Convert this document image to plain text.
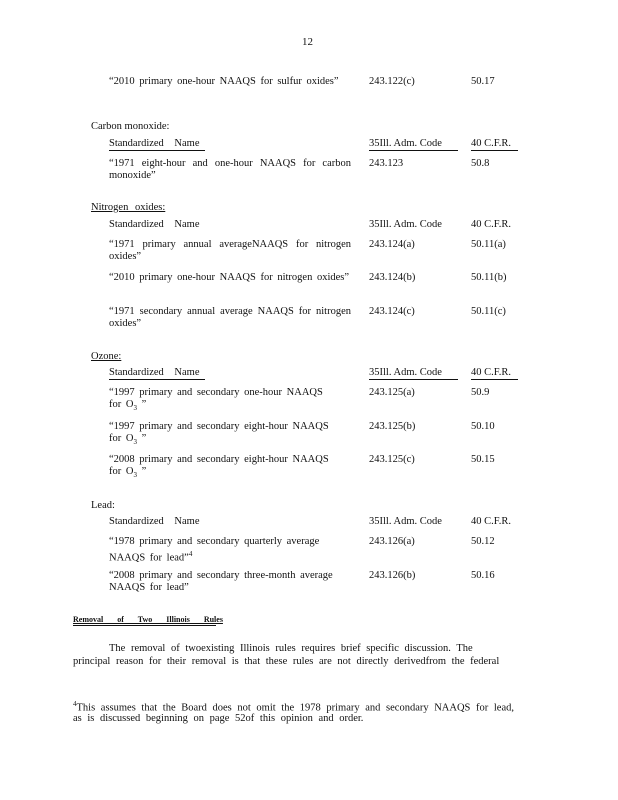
12
“2010 primary one-hour NAAQS for sulfur oxides”	243.122(c)	50.17
Carbon monoxide:
Standardized Name	35Ill. Adm. Code	40 C.F.R.
“1971 eight-hour and one-hour NAAQS for carbon monoxide”
243.123	50.8
Nitrogen oxides:
Standardized Name	35Ill. Adm. Code	40 C.F.R.
“1971 primary annual averageNAAQS for nitrogen oxides”
243.124(a)	50.11(a)
“2010 primary one-hour NAAQS for nitrogen oxides” 243.124(b)	50.11(b)
“1971 secondary annual average NAAQS for nitrogen oxides”
243.124(c)	50.11(c)
Ozone:
Standardized Name	35Ill. Adm. Code	40 C.F.R.
“1997 primary and secondary one-hour NAAQS
for $O_3$ ”
243.125(a)	50.9
“1997 primary and secondary eight-hour NAAQS
for $O_3$ ”
243.125(b)	50.10
“2008 primary and secondary eight-hour NAAQS
for $O_3$ ”
243.125(c)	50.15
Lead:
Standardized Name	35Ill. Adm. Code	40 C.F.R.
“1978 primary and secondary quarterly average
NAAQS for lead”$^4$
243.126(a)	50.12
“2008 primary and secondary three-month average
NAAQS for lead”
243.126(b)	50.16
Removal of Two Illinois Rules
The removal of twoexisting Illinois rules requires brief specific discussion. The
principal reason for their removal is that these rules are not directly derivedfrom the federal
$^4$This assumes that the Board does not omit the 1978 primary and secondary NAAQS for lead,
as is discussed beginning on page 52of this opinion and order.
